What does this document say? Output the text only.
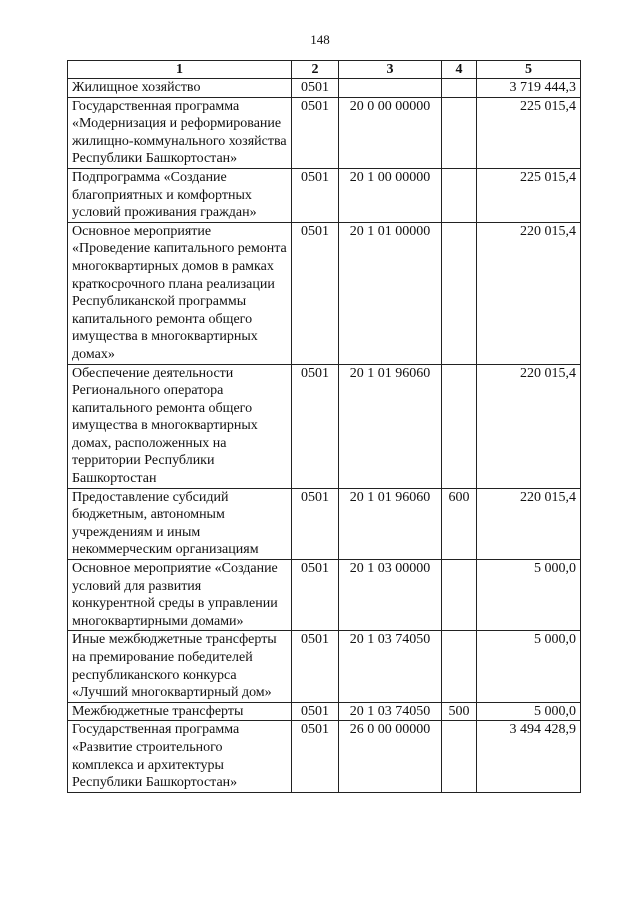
148
1	2	3	4	5
Жилищное хозяйство	0501			3 719 444,3
Государственная программа «Модернизация и реформирование жилищно-коммунального хозяйства Республики Башкортостан»	0501	20 0 00 00000		225 015,4
Подпрограмма «Создание благоприятных и комфортных условий проживания граждан»	0501	20 1 00 00000		225 015,4
Основное мероприятие «Проведение капитального ремонта многоквартирных домов в рамках краткосрочного плана реализации Республиканской программы капитального ремонта общего имущества в многоквартирных домах»	0501	20 1 01 00000		220 015,4
Обеспечение деятельности Регионального оператора капитального ремонта общего имущества в многоквартирных домах, расположенных на территории Республики Башкортостан	0501	20 1 01 96060		220 015,4
Предоставление субсидий бюджетным, автономным учреждениям и иным некоммерческим организациям	0501	20 1 01 96060	600	220 015,4
Основное мероприятие «Создание условий для развития конкурентной среды в управлении многоквартирными домами»	0501	20 1 03 00000		5 000,0
Иные межбюджетные трансферты на премирование победителей республиканского конкурса «Лучший многоквартирный дом»	0501	20 1 03 74050		5 000,0
Межбюджетные трансферты	0501	20 1 03 74050	500	5 000,0
Государственная программа «Развитие строительного комплекса и архитектуры Республики Башкортостан»	0501	26 0 00 00000		3 494 428,9
